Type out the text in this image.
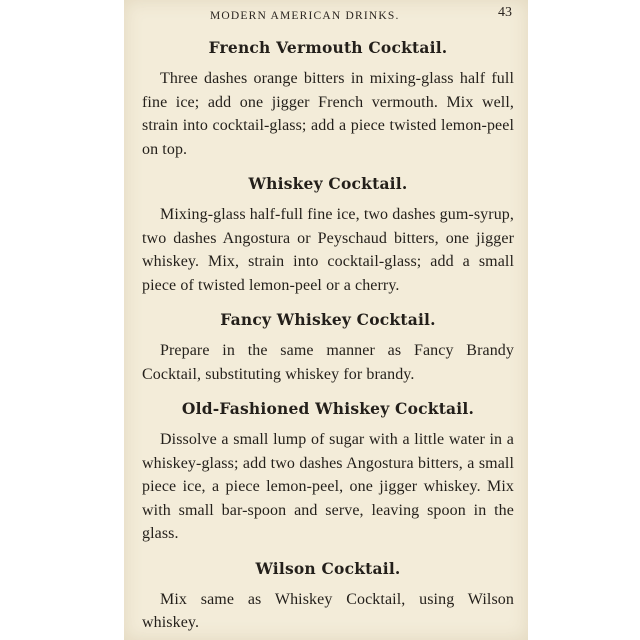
MODERN AMERICAN DRINKS.	43
French Vermouth Cocktail.

Three dashes orange bitters in mixing-glass half full fine ice; add one jigger French vermouth. Mix well, strain into cocktail-glass; add a piece twisted lemon-peel on top.

Whiskey Cocktail.

Mixing-glass half-full fine ice, two dashes gum-syrup, two dashes Angostura or Peyschaud bitters, one jigger whiskey. Mix, strain into cocktail-glass; add a small piece of twisted lemon-peel or a cherry.

Fancy Whiskey Cocktail.

Prepare in the same manner as Fancy Brandy Cocktail, substituting whiskey for brandy.

Old-Fashioned Whiskey Cocktail.

Dissolve a small lump of sugar with a little water in a whiskey-glass; add two dashes Angostura bitters, a small piece ice, a piece lemon-peel, one jigger whiskey. Mix with small bar-spoon and serve, leaving spoon in the glass.

Wilson Cocktail.

Mix same as Whiskey Cocktail, using Wilson whiskey.
